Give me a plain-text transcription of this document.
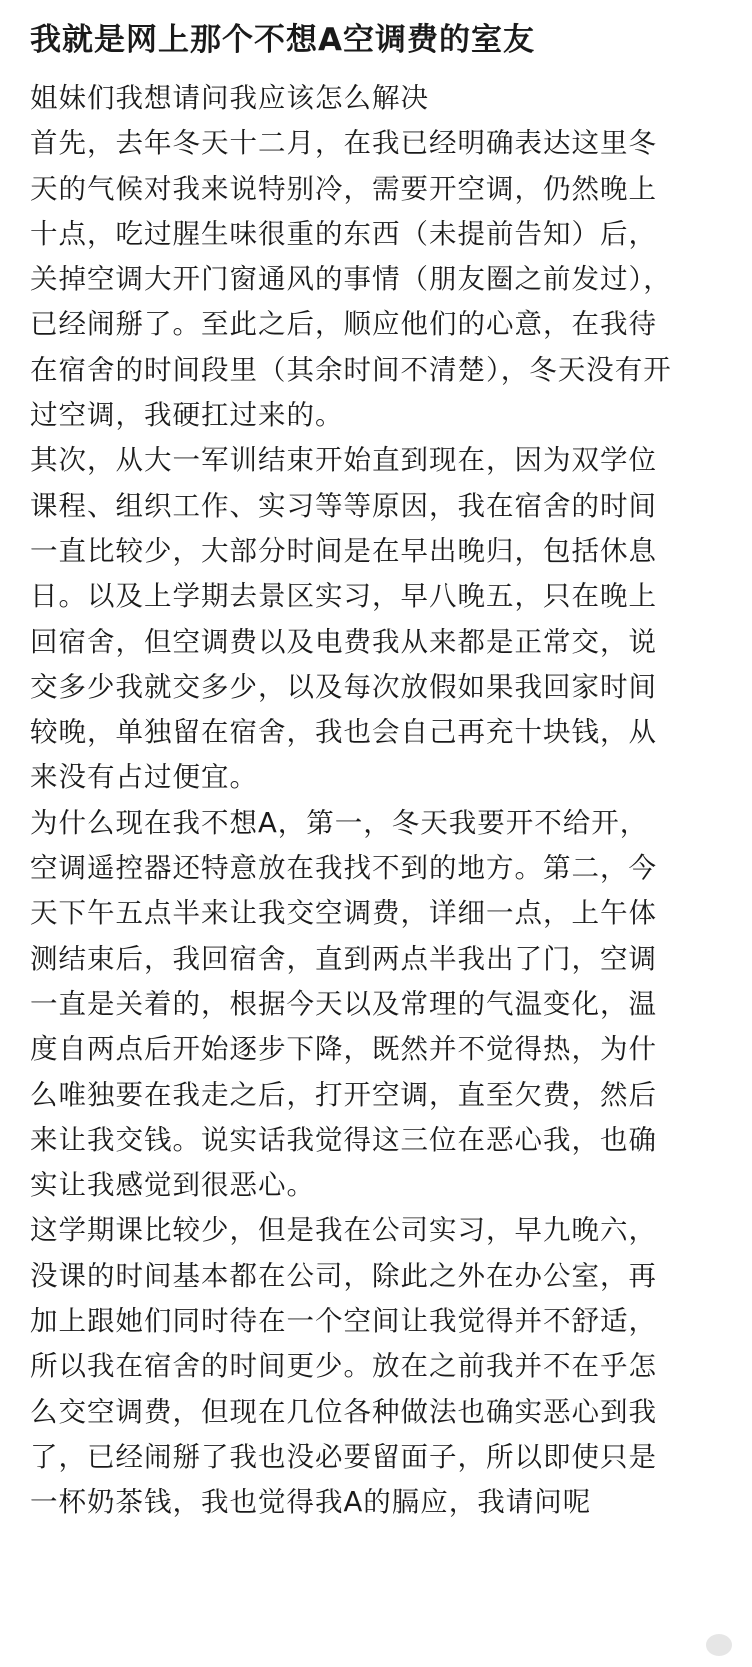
我就是网上那个不想A空调费的室友
姐妹们我想请问我应该怎么解决
首先，去年冬天十二月，在我已经明确表达这里冬
天的气候对我来说特别冷，需要开空调，仍然晚上
十点，吃过腥生味很重的东西（未提前告知）后，
关掉空调大开门窗通风的事情（朋友圈之前发过），
已经闹掰了。至此之后，顺应他们的心意，在我待
在宿舍的时间段里（其余时间不清楚），冬天没有开
过空调，我硬扛过来的。
其次，从大一军训结束开始直到现在，因为双学位
课程、组织工作、实习等等原因，我在宿舍的时间
一直比较少，大部分时间是在早出晚归，包括休息
日。以及上学期去景区实习，早八晚五，只在晚上
回宿舍，但空调费以及电费我从来都是正常交，说
交多少我就交多少，以及每次放假如果我回家时间
较晚，单独留在宿舍，我也会自己再充十块钱，从
来没有占过便宜。
为什么现在我不想A，第一，冬天我要开不给开，
空调遥控器还特意放在我找不到的地方。第二，今
天下午五点半来让我交空调费，详细一点，上午体
测结束后，我回宿舍，直到两点半我出了门，空调
一直是关着的，根据今天以及常理的气温变化，温
度自两点后开始逐步下降，既然并不觉得热，为什
么唯独要在我走之后，打开空调，直至欠费，然后
来让我交钱。说实话我觉得这三位在恶心我，也确
实让我感觉到很恶心。
这学期课比较少，但是我在公司实习，早九晚六，
没课的时间基本都在公司，除此之外在办公室，再
加上跟她们同时待在一个空间让我觉得并不舒适，
所以我在宿舍的时间更少。放在之前我并不在乎怎
么交空调费，但现在几位各种做法也确实恶心到我
了，已经闹掰了我也没必要留面子，所以即使只是
一杯奶茶钱，我也觉得我A的膈应，我请问呢
